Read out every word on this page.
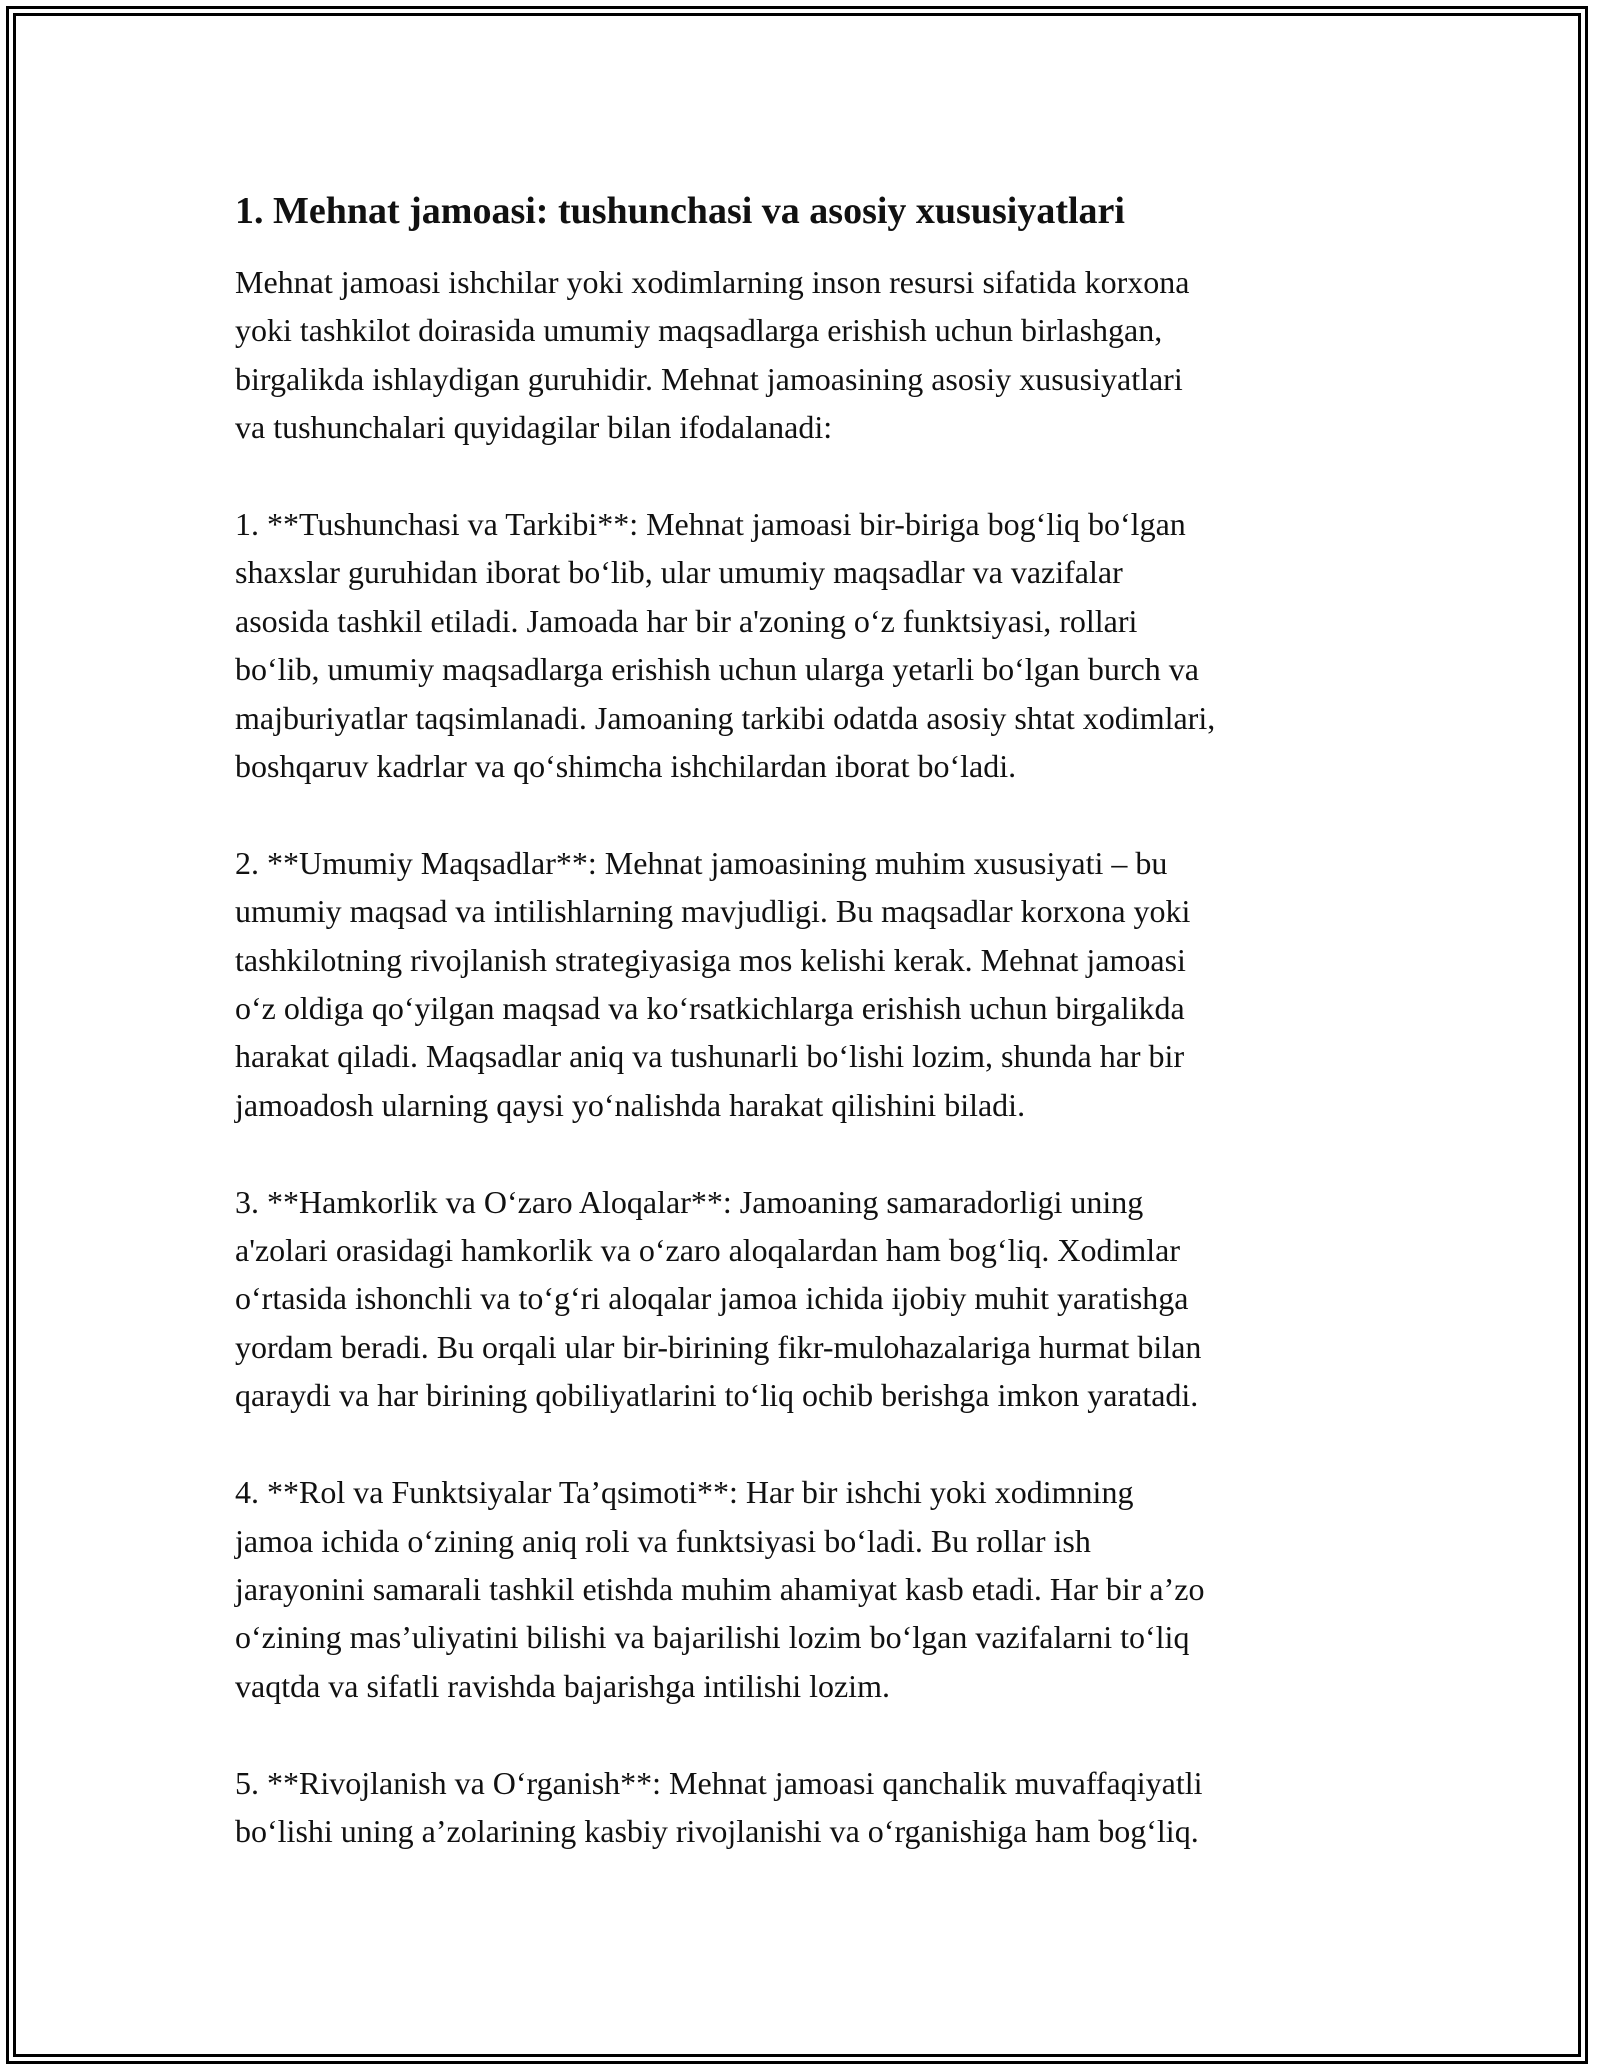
1. Mehnat jamoasi: tushunchasi va asosiy xususiyatlari
Mehnat jamoasi ishchilar yoki xodimlarning inson resursi sifatida korxona
yoki tashkilot doirasida umumiy maqsadlarga erishish uchun birlashgan,
birgalikda ishlaydigan guruhidir. Mehnat jamoasining asosiy xususiyatlari
va tushunchalari quyidagilar bilan ifodalanadi:
1. **Tushunchasi va Tarkibi**: Mehnat jamoasi bir-biriga bog‘liq bo‘lgan
shaxslar guruhidan iborat bo‘lib, ular umumiy maqsadlar va vazifalar
asosida tashkil etiladi. Jamoada har bir a'zoning o‘z funktsiyasi, rollari
bo‘lib, umumiy maqsadlarga erishish uchun ularga yetarli bo‘lgan burch va
majburiyatlar taqsimlanadi. Jamoaning tarkibi odatda asosiy shtat xodimlari,
boshqaruv kadrlar va qo‘shimcha ishchilardan iborat bo‘ladi.
2. **Umumiy Maqsadlar**: Mehnat jamoasining muhim xususiyati – bu
umumiy maqsad va intilishlarning mavjudligi. Bu maqsadlar korxona yoki
tashkilotning rivojlanish strategiyasiga mos kelishi kerak. Mehnat jamoasi
o‘z oldiga qo‘yilgan maqsad va ko‘rsatkichlarga erishish uchun birgalikda
harakat qiladi. Maqsadlar aniq va tushunarli bo‘lishi lozim, shunda har bir
jamoadosh ularning qaysi yo‘nalishda harakat qilishini biladi.
3. **Hamkorlik va O‘zaro Aloqalar**: Jamoaning samaradorligi uning
a'zolari orasidagi hamkorlik va o‘zaro aloqalardan ham bog‘liq. Xodimlar
o‘rtasida ishonchli va to‘g‘ri aloqalar jamoa ichida ijobiy muhit yaratishga
yordam beradi. Bu orqali ular bir-birining fikr-mulohazalariga hurmat bilan
qaraydi va har birining qobiliyatlarini to‘liq ochib berishga imkon yaratadi.
4. **Rol va Funktsiyalar Ta’qsimoti**: Har bir ishchi yoki xodimning
jamoa ichida o‘zining aniq roli va funktsiyasi bo‘ladi. Bu rollar ish
jarayonini samarali tashkil etishda muhim ahamiyat kasb etadi. Har bir a’zo
o‘zining mas’uliyatini bilishi va bajarilishi lozim bo‘lgan vazifalarni to‘liq
vaqtda va sifatli ravishda bajarishga intilishi lozim.
5. **Rivojlanish va O‘rganish**: Mehnat jamoasi qanchalik muvaffaqiyatli
bo‘lishi uning a’zolarining kasbiy rivojlanishi va o‘rganishiga ham bog‘liq.
